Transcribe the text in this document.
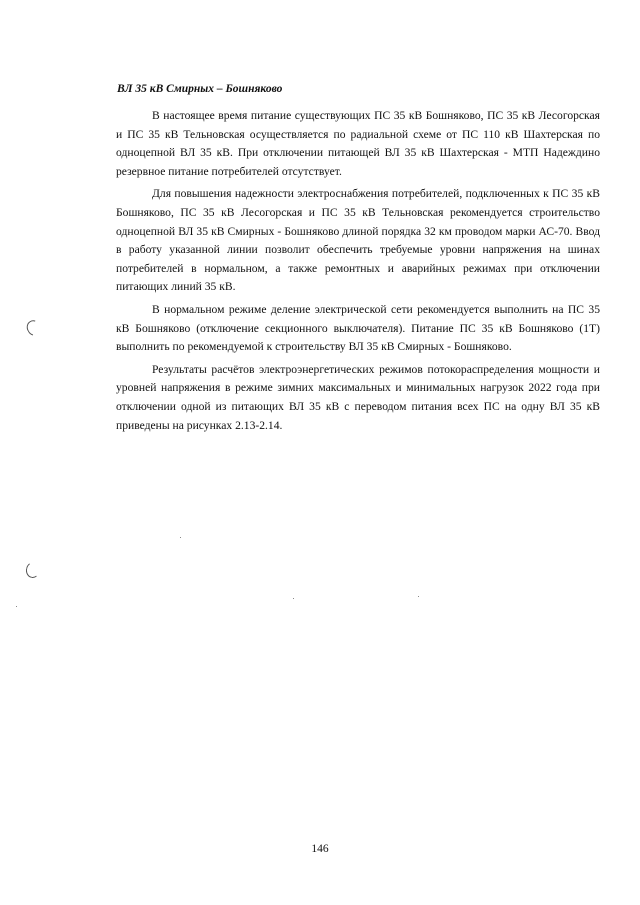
ВЛ 35 кВ Смирных – Бошняково

В настоящее время питание существующих ПС 35 кВ Бошняково, ПС 35 кВ Лесогорская и ПС 35 кВ Тельновская осуществляется по радиальной схеме от ПС 110 кВ Шахтерская по одноцепной ВЛ 35 кВ. При отключении питающей ВЛ 35 кВ Шахтерская - МТП Надеждино резервное питание потребителей отсутствует.

Для повышения надежности электроснабжения потребителей, подключенных к ПС 35 кВ Бошняково, ПС 35 кВ Лесогорская и ПС 35 кВ Тельновская рекомендуется строительство одноцепной ВЛ 35 кВ Смирных - Бошняково длиной порядка 32 км проводом марки АС-70. Ввод в работу указанной линии позволит обеспечить требуемые уровни напряжения на шинах потребителей в нормальном, а также ремонтных и аварийных режимах при отключении питающих линий 35 кВ.

В нормальном режиме деление электрической сети рекомендуется выполнить на ПС 35 кВ Бошняково (отключение секционного выключателя). Питание ПС 35 кВ Бошняково (1Т) выполнить по рекомендуемой к строительству ВЛ 35 кВ Смирных - Бошняково.

Результаты расчётов электроэнергетических режимов потокораспределения мощности и уровней напряжения в режиме зимних максимальных и минимальных нагрузок 2022 года при отключении одной из питающих ВЛ 35 кВ с переводом питания всех ПС на одну ВЛ 35 кВ приведены на рисунках 2.13-2.14.

146
